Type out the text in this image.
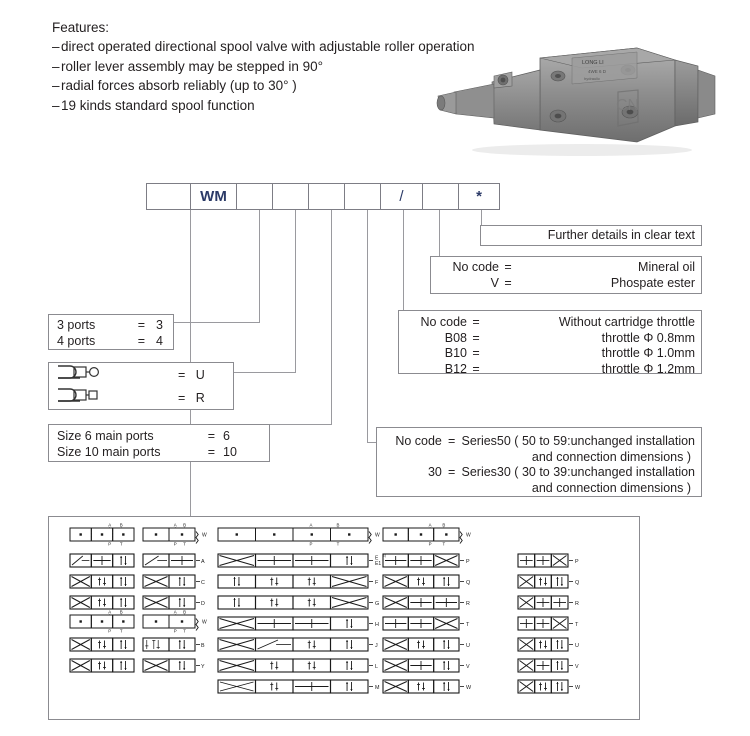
Features:
–direct operated directional spool valve with adjustable roller operation
–roller lever assembly may be stepped in 90°
–radial forces absorb reliably (up to 30° )
–19 kinds standard spool function
LONG LI
4WE 6 D
hydraulic
CN
WM	/	*
Further details in clear text
No code =	Mineral oil
V =	Phospate ester
No code =	Without cartridge throttle
B08 =	throttle Φ 0.8mm
B10 =	throttle Φ 1.0mm
B12 =	throttle Φ 1.2mm
No code = Series50 ( 50 to 59:unchanged installation
and connection dimensions )
30 = Series30 ( 30 to 39:unchanged installation
and connection dimensions )
3 ports	= 3
4 ports	= 4
= U
= R
Size 6 main ports	= 6
Size 10 main ports	= 10
A B
P T
A B
P T
A B
P T
W
A
C
D
A B
P T
W
B
Y
A	B
P	T
W
E
E1
1)
F
G
H
J
L
M
P
Q
R
T
U
V
W
P
Q
R
T
U
V
W
A B
P T
W
